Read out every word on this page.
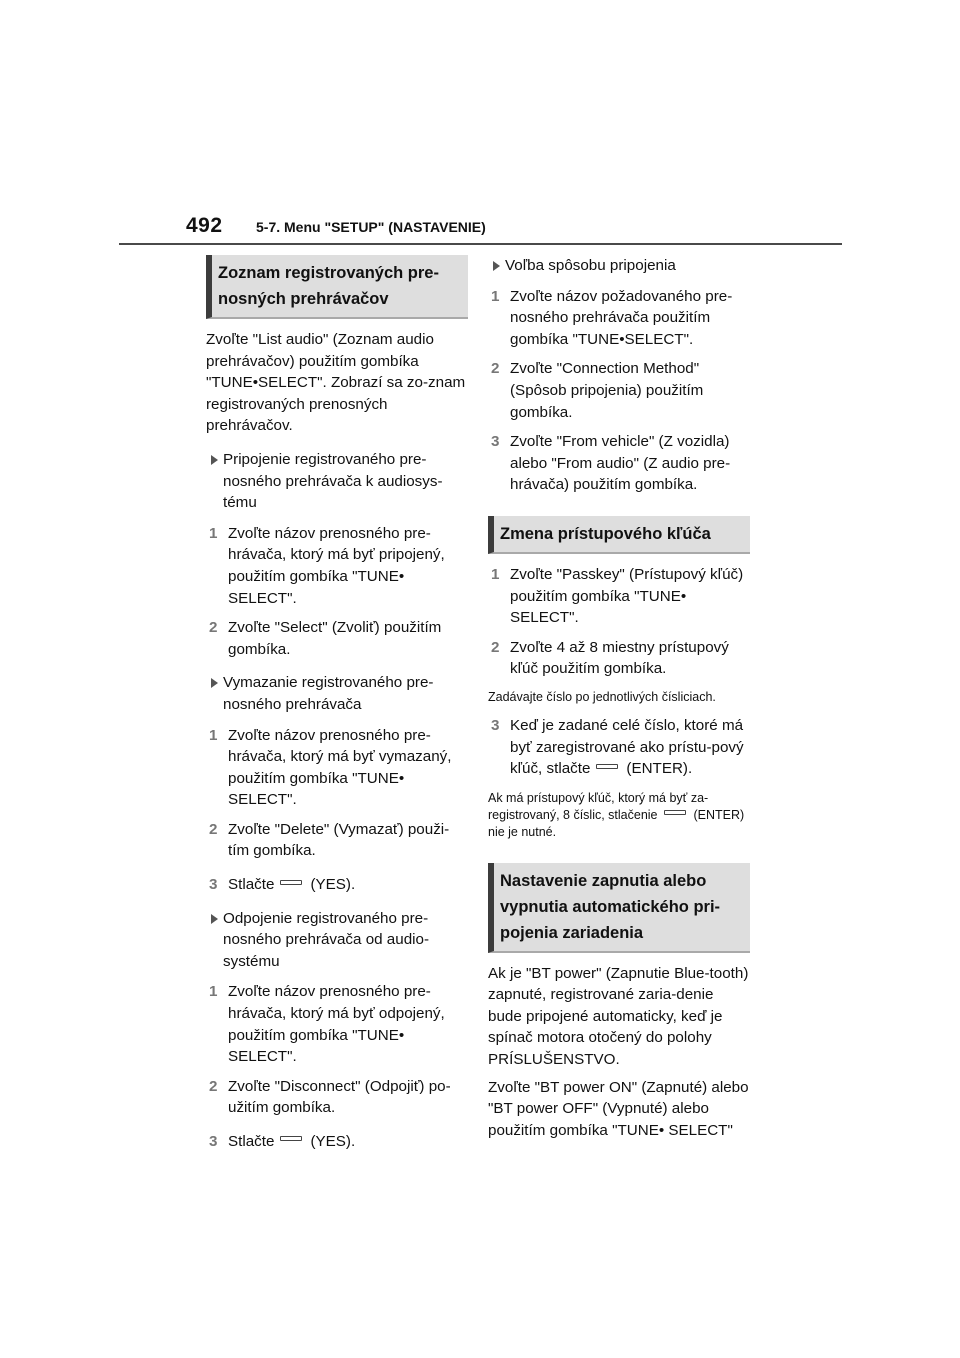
492 5-7. Menu "SETUP" (NASTAVENIE)
Zoznam registrovaných pre-nosných prehrávačov

Zvoľte "List audio" (Zoznam audio prehrávačov) použitím gombíka "TUNE•SELECT". Zobrazí sa zo-znam registrovaných prenosných prehrávačov.

Pripojenie registrovaného pre-nosného prehrávača k audiosys-tému
1 Zvoľte názov prenosného pre-hrávača, ktorý má byť pripojený, použitím gombíka "TUNE• SELECT".
2 Zvoľte "Select" (Zvoliť) použitím gombíka.
Vymazanie registrovaného pre-nosného prehrávača
1 Zvoľte názov prenosného pre-hrávača, ktorý má byť vymazaný, použitím gombíka "TUNE• SELECT".
2 Zvoľte "Delete" (Vymazať) použi-tím gombíka.
3 Stlačte (YES).
Odpojenie registrovaného pre-nosného prehrávača od audio-systému
1 Zvoľte názov prenosného pre-hrávača, ktorý má byť odpojený, použitím gombíka "TUNE• SELECT".
2 Zvoľte "Disconnect" (Odpojiť) po-užitím gombíka.
3 Stlačte (YES).
Voľba spôsobu pripojenia
1 Zvoľte názov požadovaného pre-nosného prehrávača použitím gombíka "TUNE•SELECT".
2 Zvoľte "Connection Method" (Spôsob pripojenia) použitím gombíka.
3 Zvoľte "From vehicle" (Z vozidla) alebo "From audio" (Z audio pre-hrávača) použitím gombíka.
Zmena prístupového kľúča
1 Zvoľte "Passkey" (Prístupový kľúč) použitím gombíka "TUNE• SELECT".
2 Zvoľte 4 až 8 miestny prístupový kľúč použitím gombíka.

Zadávajte číslo po jednotlivých čísliciach.

3 Keď je zadané celé číslo, ktoré má byť zaregistrované ako prístu-pový kľúč, stlačte (ENTER).

Ak má prístupový kľúč, ktorý má byť za-registrovaný, 8 číslic, stlačenie	(ENTER) nie je nutné.

Nastavenie zapnutia alebo vypnutia automatického pri-pojenia zariadenia

Ak je "BT power" (Zapnutie Blue-tooth) zapnuté, registrované zaria-denie bude pripojené automaticky, keď je spínač motora otočený do polohy PRÍSLUŠENSTVO.

Zvoľte "BT power ON" (Zapnuté) alebo "BT power OFF" (Vypnuté) alebo použitím gombíka "TUNE• SELECT"
